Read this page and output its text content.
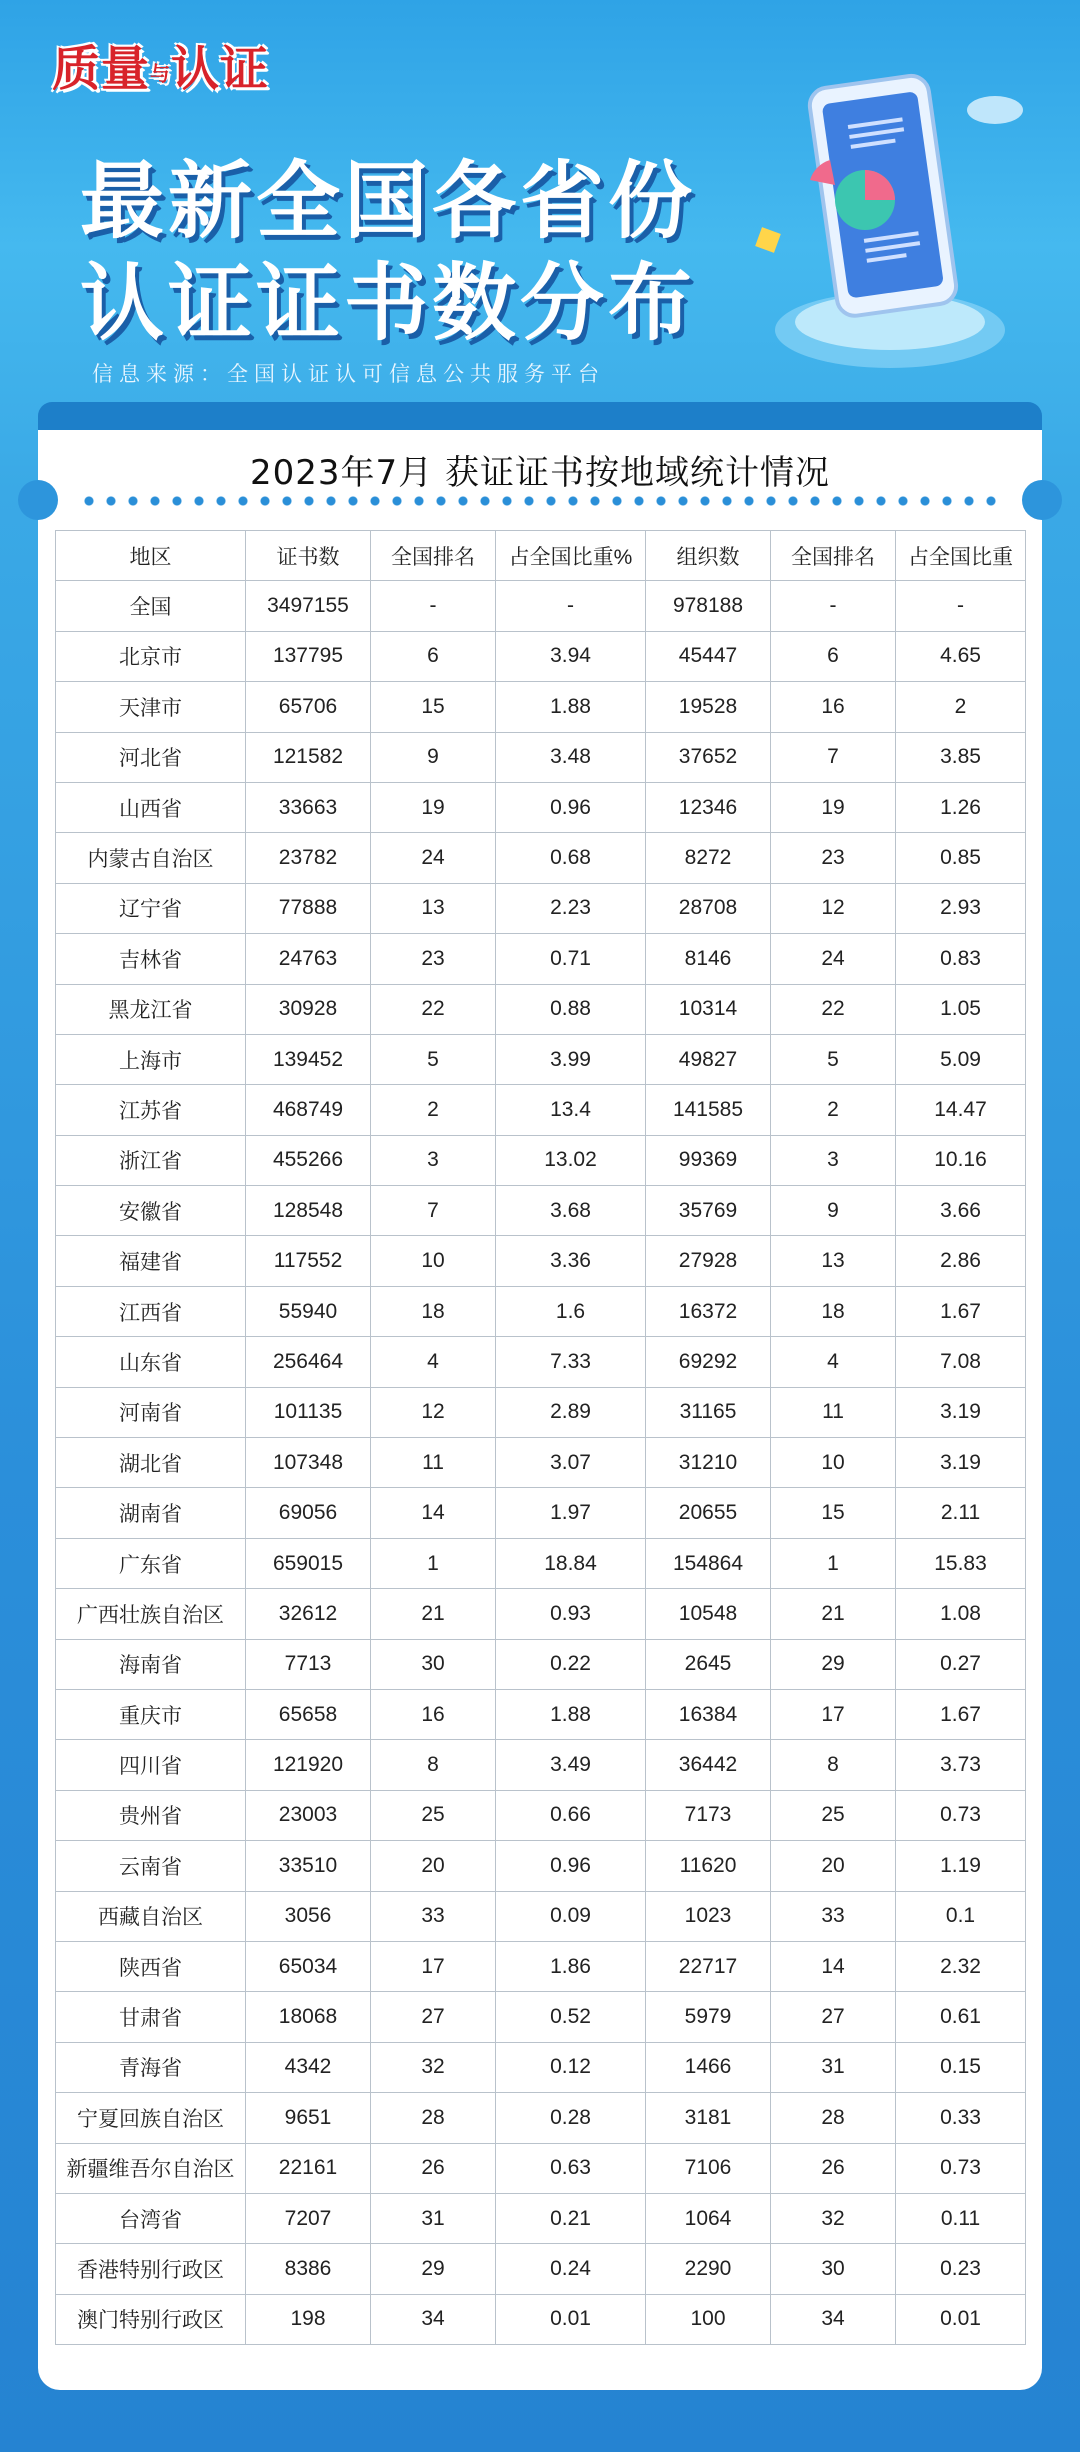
质量与认证
最新全国各省份
认证证书数分布
信息来源：全国认证认可信息公共服务平台
2023年7月 获证证书按地域统计情况
地区	证书数	全国排名	占全国比重%	组织数	全国排名	占全国比重
全国	3497155	-	-	978188	-	-
北京市	137795	6	3.94	45447	6	4.65
天津市	65706	15	1.88	19528	16	2
河北省	121582	9	3.48	37652	7	3.85
山西省	33663	19	0.96	12346	19	1.26
内蒙古自治区	23782	24	0.68	8272	23	0.85
辽宁省	77888	13	2.23	28708	12	2.93
吉林省	24763	23	0.71	8146	24	0.83
黑龙江省	30928	22	0.88	10314	22	1.05
上海市	139452	5	3.99	49827	5	5.09
江苏省	468749	2	13.4	141585	2	14.47
浙江省	455266	3	13.02	99369	3	10.16
安徽省	128548	7	3.68	35769	9	3.66
福建省	117552	10	3.36	27928	13	2.86
江西省	55940	18	1.6	16372	18	1.67
山东省	256464	4	7.33	69292	4	7.08
河南省	101135	12	2.89	31165	11	3.19
湖北省	107348	11	3.07	31210	10	3.19
湖南省	69056	14	1.97	20655	15	2.11
广东省	659015	1	18.84	154864	1	15.83
广西壮族自治区	32612	21	0.93	10548	21	1.08
海南省	7713	30	0.22	2645	29	0.27
重庆市	65658	16	1.88	16384	17	1.67
四川省	121920	8	3.49	36442	8	3.73
贵州省	23003	25	0.66	7173	25	0.73
云南省	33510	20	0.96	11620	20	1.19
西藏自治区	3056	33	0.09	1023	33	0.1
陕西省	65034	17	1.86	22717	14	2.32
甘肃省	18068	27	0.52	5979	27	0.61
青海省	4342	32	0.12	1466	31	0.15
宁夏回族自治区	9651	28	0.28	3181	28	0.33
新疆维吾尔自治区	22161	26	0.63	7106	26	0.73
台湾省	7207	31	0.21	1064	32	0.11
香港特别行政区	8386	29	0.24	2290	30	0.23
澳门特别行政区	198	34	0.01	100	34	0.01
